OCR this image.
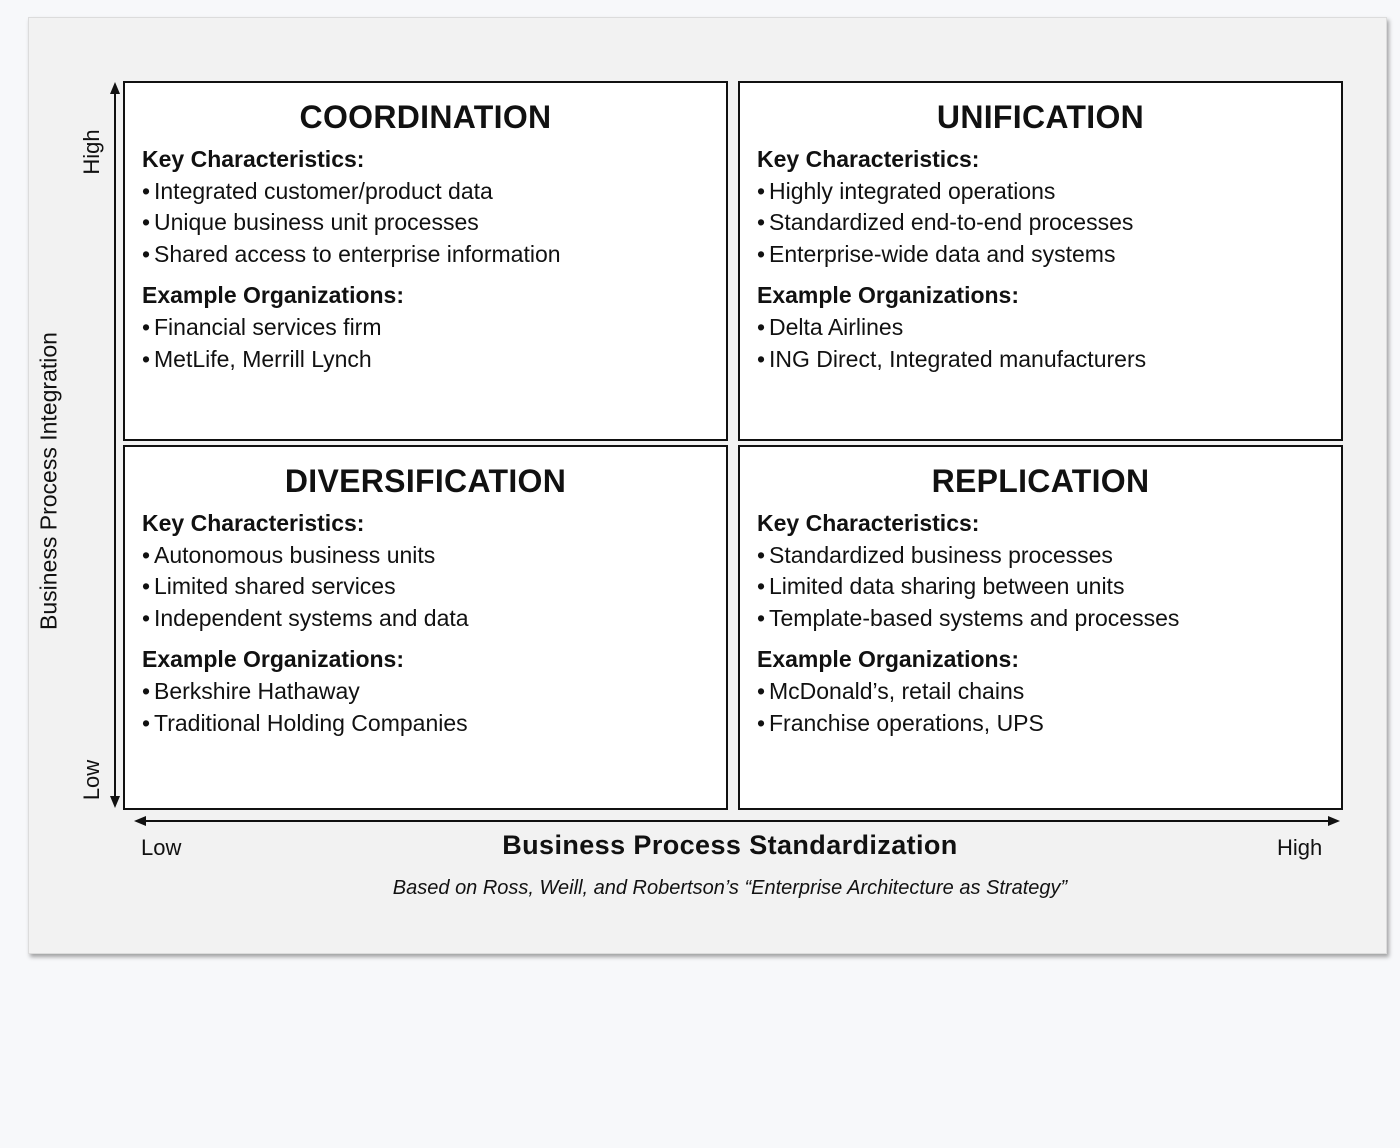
High
Low
Business Process Integration
Low	High
Business Process Standardization
Based on Ross, Weill, and Robertson’s “Enterprise Architecture as Strategy”
COORDINATION
Key Characteristics:
• Integrated customer/product data
• Unique business unit processes
• Shared access to enterprise information
Example Organizations:
• Financial services firm
• MetLife, Merrill Lynch
UNIFICATION
Key Characteristics:
• Highly integrated operations
• Standardized end-to-end processes
• Enterprise-wide data and systems
Example Organizations:
• Delta Airlines
• ING Direct, Integrated manufacturers
DIVERSIFICATION
Key Characteristics:
• Autonomous business units
• Limited shared services
• Independent systems and data
Example Organizations:
• Berkshire Hathaway
• Traditional Holding Companies
REPLICATION
Key Characteristics:
• Standardized business processes
• Limited data sharing between units
• Template-based systems and processes
Example Organizations:
• McDonald’s, retail chains
• Franchise operations, UPS
